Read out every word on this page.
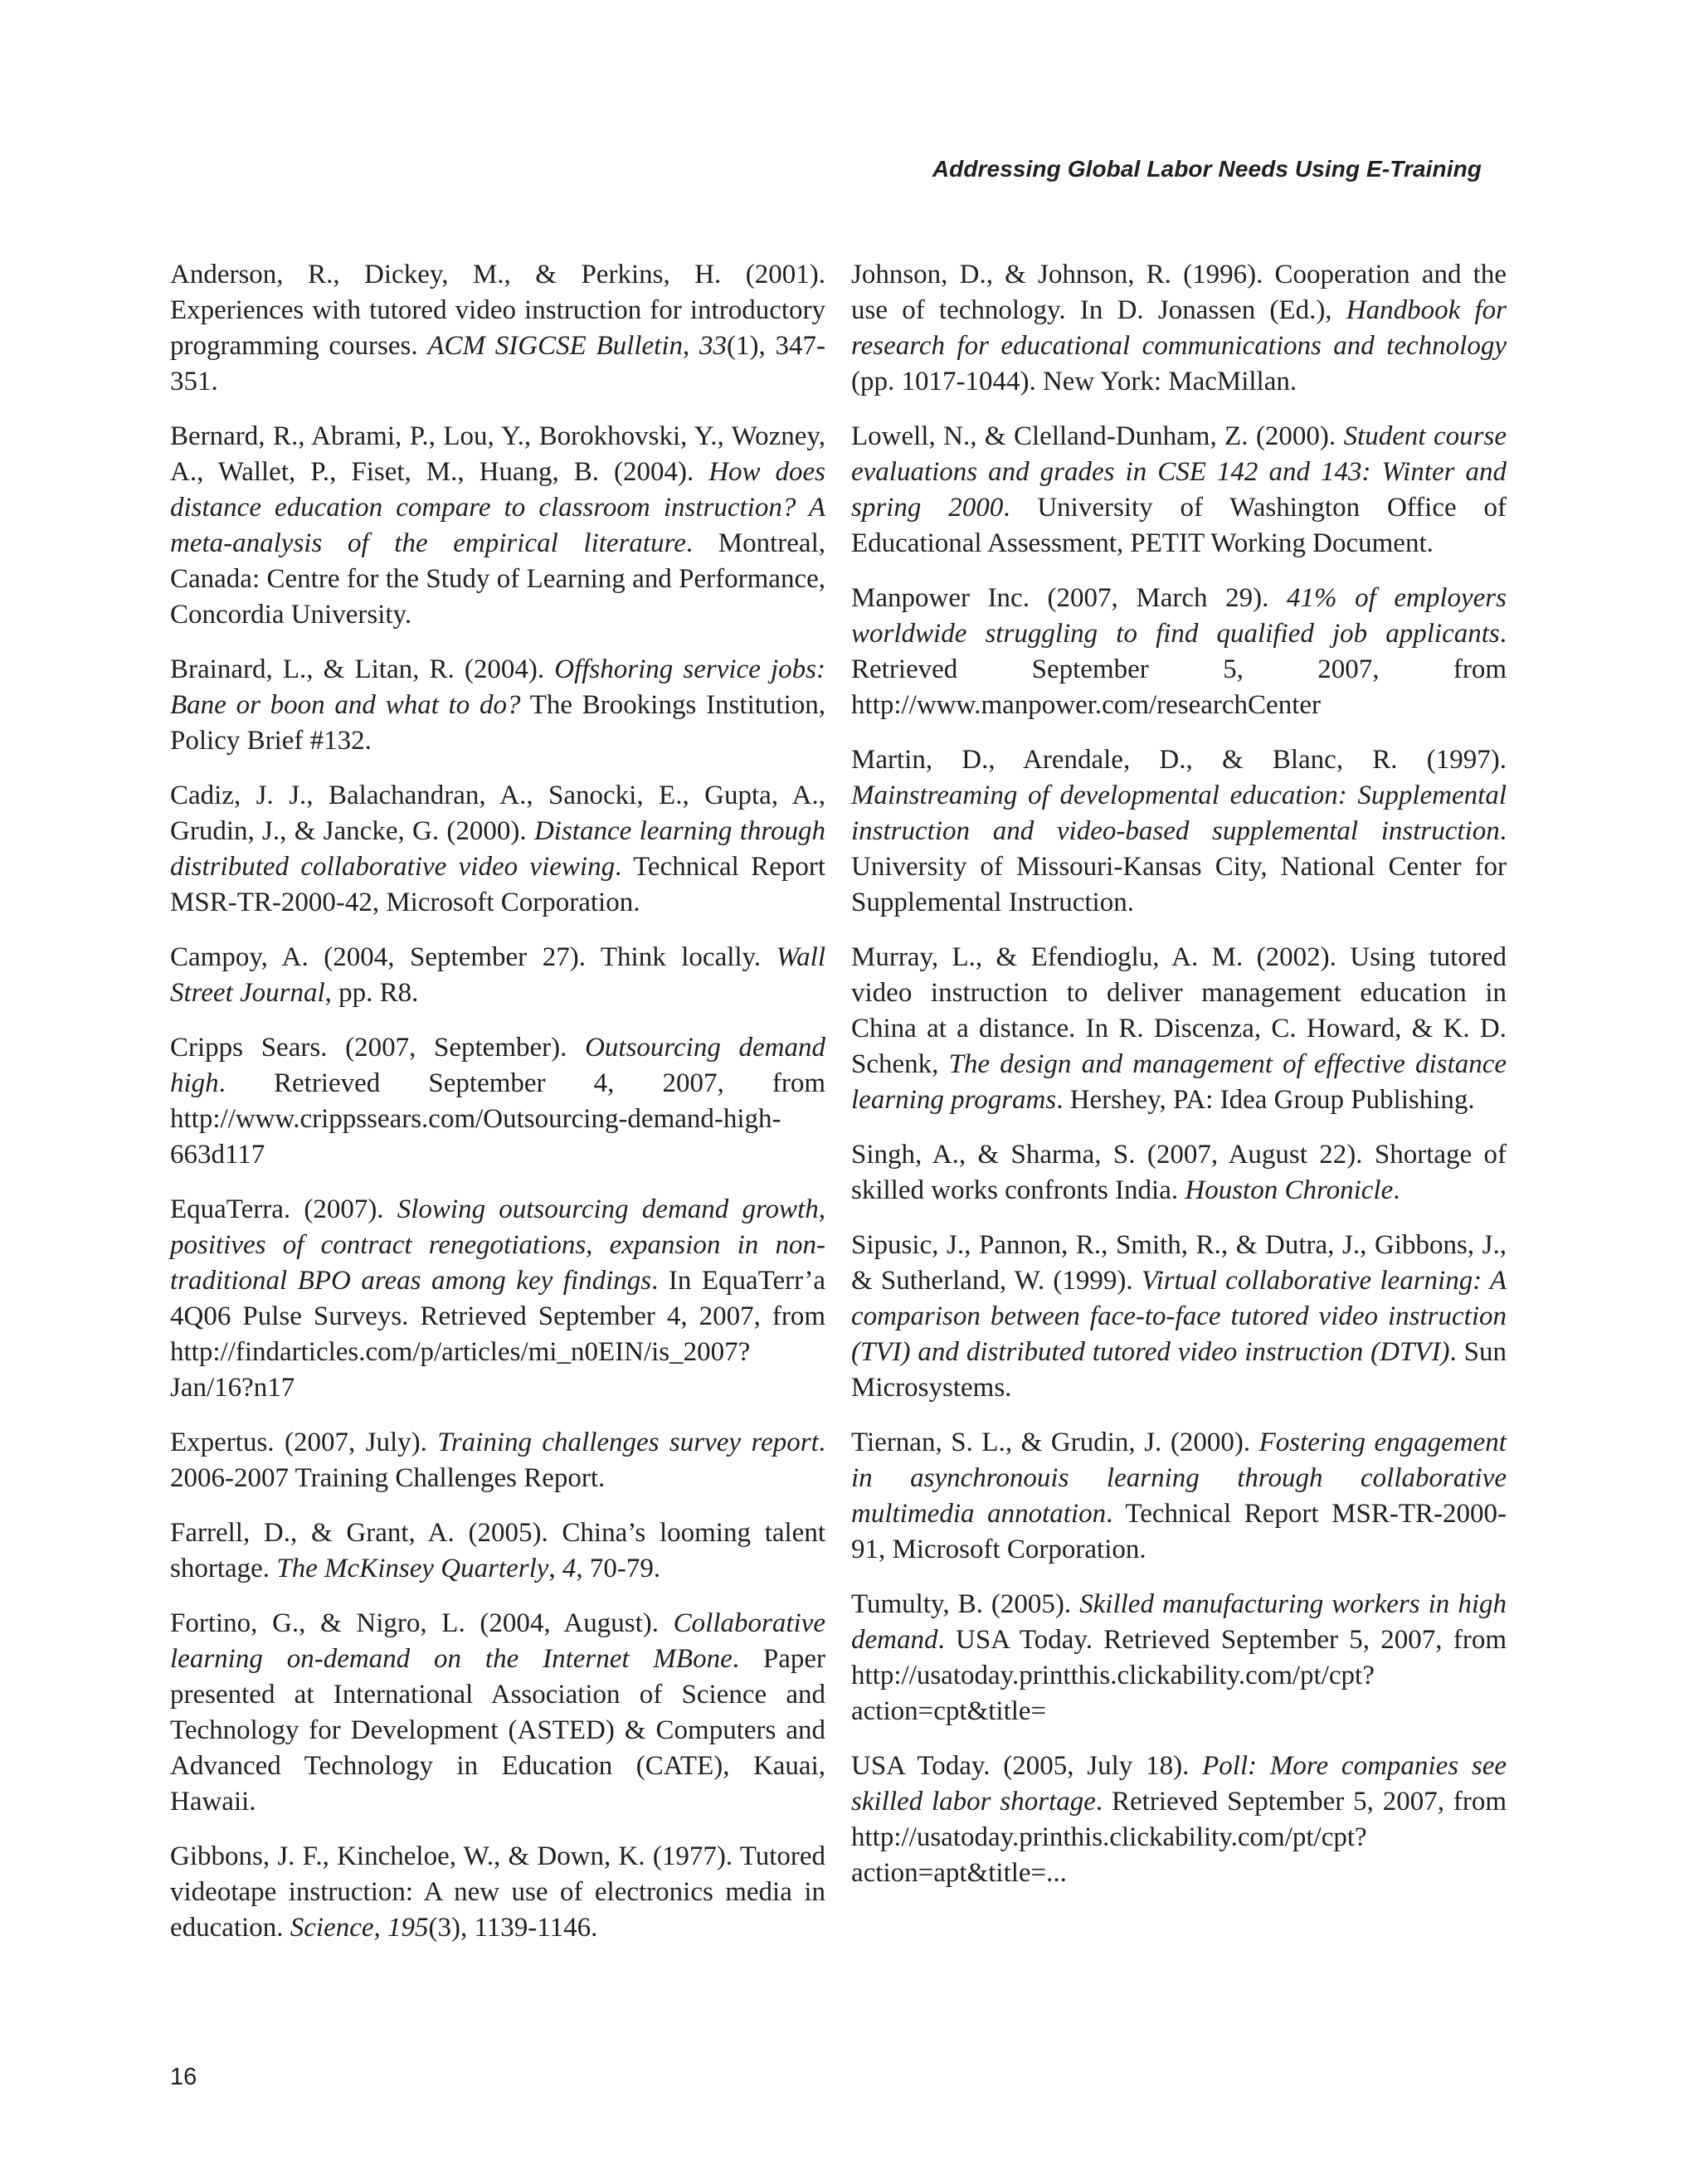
Addressing Global Labor Needs Using E-Training

Anderson, R., Dickey, M., & Perkins, H. (2001). Experiences with tutored video instruction for introductory programming courses. ACM SIGCSE Bulletin, 33(1), 347-351.

Bernard, R., Abrami, P., Lou, Y., Borokhovski, Y., Wozney, A., Wallet, P., Fiset, M., Huang, B. (2004). How does distance education compare to classroom instruction? A meta-analysis of the empirical literature. Montreal, Canada: Centre for the Study of Learning and Performance, Concordia University.

Brainard, L., & Litan, R. (2004). Offshoring service jobs: Bane or boon and what to do? The Brookings Institution, Policy Brief #132.

Cadiz, J. J., Balachandran, A., Sanocki, E., Gupta, A., Grudin, J., & Jancke, G. (2000). Distance learning through distributed collaborative video viewing. Technical Report MSR-TR-2000-42, Microsoft Corporation.

Campoy, A. (2004, September 27). Think locally. Wall Street Journal, pp. R8.

Cripps Sears. (2007, September). Outsourcing demand high. Retrieved September 4, 2007, from http://www.crippssears.com/Outsourcing-demand-high-663d117

EquaTerra. (2007). Slowing outsourcing demand growth, positives of contract renegotiations, expansion in non-traditional BPO areas among key findings. In EquaTerr’a 4Q06 Pulse Surveys. Retrieved September 4, 2007, from http://findarticles.com/p/articles/mi_n0EIN/is_2007?Jan/16?n17

Expertus. (2007, July). Training challenges survey report. 2006-2007 Training Challenges Report.

Farrell, D., & Grant, A. (2005). China’s looming talent shortage. The McKinsey Quarterly, 4, 70-79.

Fortino, G., & Nigro, L. (2004, August). Collaborative learning on-demand on the Internet MBone. Paper presented at International Association of Science and Technology for Development (ASTED) & Computers and Advanced Technology in Education (CATE), Kauai, Hawaii.

Gibbons, J. F., Kincheloe, W., & Down, K. (1977). Tutored videotape instruction: A new use of electronics media in education. Science, 195(3), 1139-1146.

Johnson, D., & Johnson, R. (1996). Cooperation and the use of technology. In D. Jonassen (Ed.), Handbook for research for educational communications and technology (pp. 1017-1044). New York: MacMillan.

Lowell, N., & Clelland-Dunham, Z. (2000). Student course evaluations and grades in CSE 142 and 143: Winter and spring 2000. University of Washington Office of Educational Assessment, PETIT Working Document.

Manpower Inc. (2007, March 29). 41% of employers worldwide struggling to find qualified job applicants. Retrieved September 5, 2007, from http://www.manpower.com/researchCenter

Martin, D., Arendale, D., & Blanc, R. (1997). Mainstreaming of developmental education: Supplemental instruction and video-based supplemental instruction. University of Missouri-Kansas City, National Center for Supplemental Instruction.

Murray, L., & Efendioglu, A. M. (2002). Using tutored video instruction to deliver management education in China at a distance. In R. Discenza, C. Howard, & K. D. Schenk, The design and management of effective distance learning programs. Hershey, PA: Idea Group Publishing.

Singh, A., & Sharma, S. (2007, August 22). Shortage of skilled works confronts India. Houston Chronicle.

Sipusic, J., Pannon, R., Smith, R., & Dutra, J., Gibbons, J., & Sutherland, W. (1999). Virtual collaborative learning: A comparison between face-to-face tutored video instruction (TVI) and distributed tutored video instruction (DTVI). Sun Microsystems.

Tiernan, S. L., & Grudin, J. (2000). Fostering engagement in asynchronouis learning through collaborative multimedia annotation. Technical Report MSR-TR-2000-91, Microsoft Corporation.

Tumulty, B. (2005). Skilled manufacturing workers in high demand. USA Today. Retrieved September 5, 2007, from http://usatoday.printthis.clickability.com/pt/cpt?action=cpt&title=

USA Today. (2005, July 18). Poll: More companies see skilled labor shortage. Retrieved September 5, 2007, from http://usatoday.printhis.clickability.com/pt/cpt?action=apt&title=...

16
